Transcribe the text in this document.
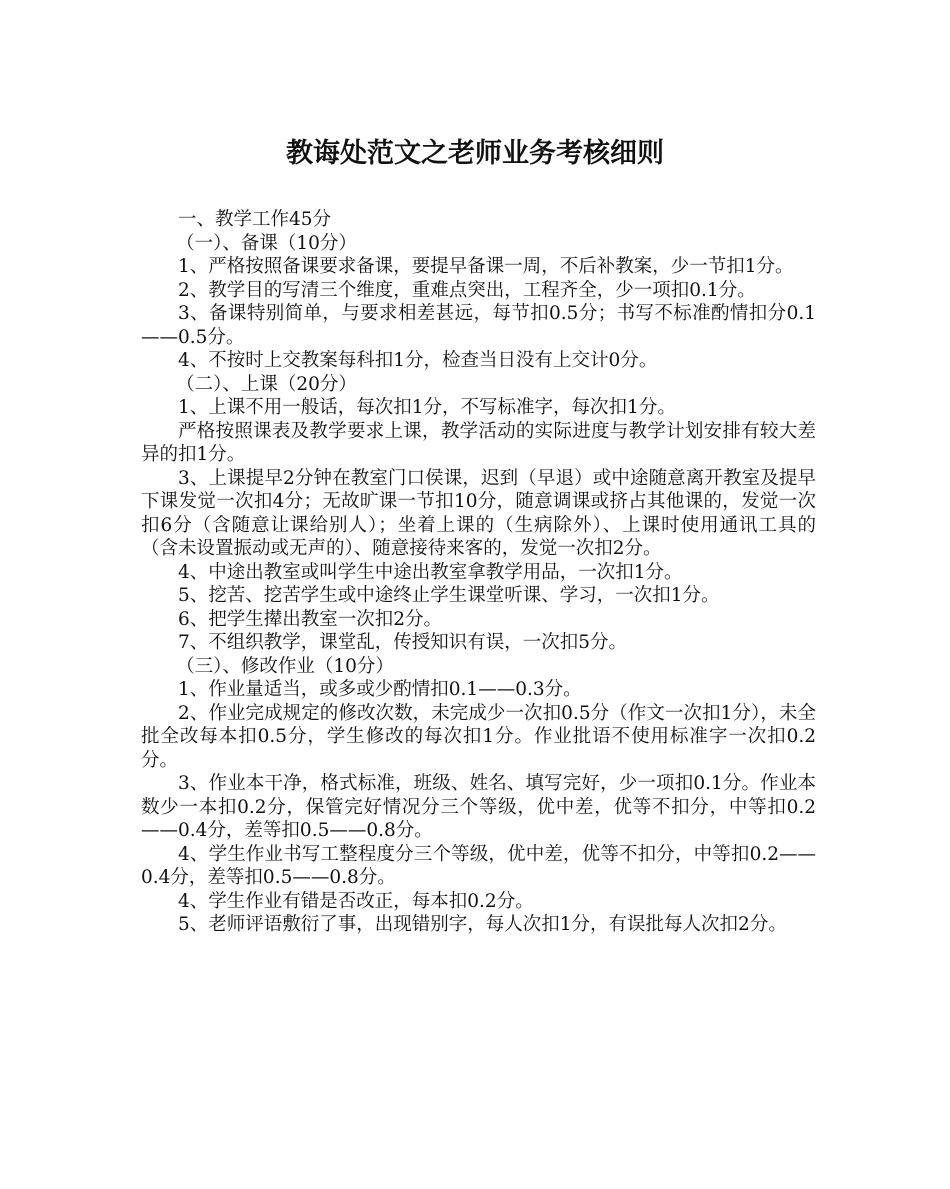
教诲处范文之老师业务考核细则

一、教学工作45分

（一）、备课（10分）

1、严格按照备课要求备课，要提早备课一周，不后补教案，少一节扣1分。

2、教学目的写清三个维度，重难点突出，工程齐全，少一项扣0.1分。

3、备课特别简单，与要求相差甚远，每节扣0.5分；书写不标准酌情扣分0.1——0.5分。

4、不按时上交教案每科扣1分，检查当日没有上交计0分。

（二）、上课（20分）

1、上课不用一般话，每次扣1分，不写标准字，每次扣1分。

严格按照课表及教学要求上课，教学活动的实际进度与教学计划安排有较大差异的扣1分。

3、上课提早2分钟在教室门口侯课，迟到（早退）或中途随意离开教室及提早下课发觉一次扣4分；无故旷课一节扣10分，随意调课或挤占其他课的，发觉一次扣6分（含随意让课给别人）；坐着上课的（生病除外）、上课时使用通讯工具的（含未设置振动或无声的）、随意接待来客的，发觉一次扣2分。

4、中途出教室或叫学生中途出教室拿教学用品，一次扣1分。

5、挖苦、挖苦学生或中途终止学生课堂听课、学习，一次扣1分。

6、把学生撵出教室一次扣2分。

7、不组织教学，课堂乱，传授知识有误，一次扣5分。

（三）、修改作业（10分）

1、作业量适当，或多或少酌情扣0.1——0.3分。

2、作业完成规定的修改次数，未完成少一次扣0.5分（作文一次扣1分），未全批全改每本扣0.5分，学生修改的每次扣1分。作业批语不使用标准字一次扣0.2分。

3、作业本干净，格式标准，班级、姓名、填写完好，少一项扣0.1分。作业本数少一本扣0.2分，保管完好情况分三个等级，优中差，优等不扣分，中等扣0.2——0.4分，差等扣0.5——0.8分。

4、学生作业书写工整程度分三个等级，优中差，优等不扣分，中等扣0.2——0.4分，差等扣0.5——0.8分。

4、学生作业有错是否改正，每本扣0.2分。

5、老师评语敷衍了事，出现错别字，每人次扣1分，有误批每人次扣2分。
